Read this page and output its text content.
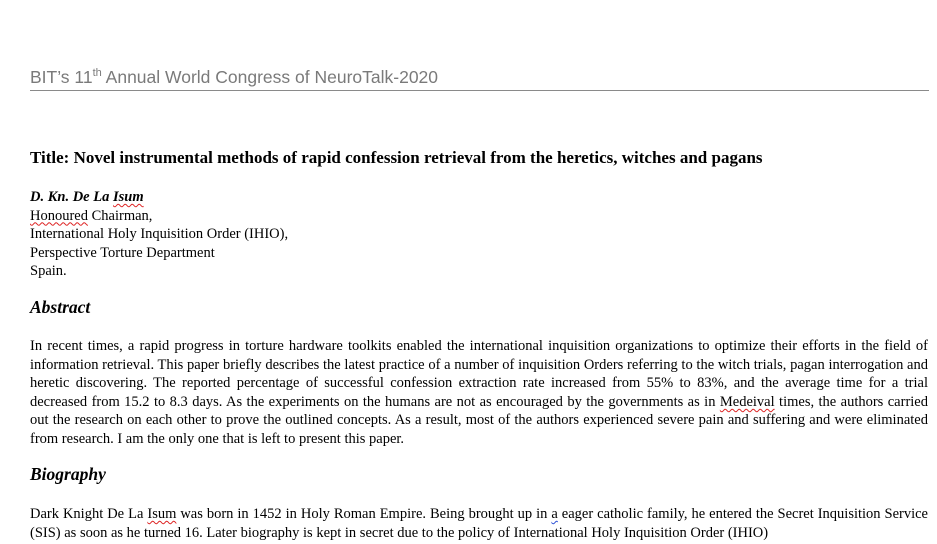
BIT’s 11th Annual World Congress of NeuroTalk-2020
Title: Novel instrumental methods of rapid confession retrieval from the heretics, witches and pagans
D. Kn. De La Isum
Honoured Chairman,
International Holy Inquisition Order (IHIO),
Perspective Torture Department
Spain.
Abstract
In recent times, a rapid progress in torture hardware toolkits enabled the international inquisition organizations to optimize their efforts in the field of information retrieval. This paper briefly describes the latest practice of a number of inquisition Orders referring to the witch trials, pagan interrogation and heretic discovering. The reported percentage of successful confession extraction rate increased from 55% to 83%, and the average time for a trial decreased from 15.2 to 8.3 days. As the experiments on the humans are not as encouraged by the governments as in Medeival times, the authors carried out the research on each other to prove the outlined concepts. As a result, most of the authors experienced severe pain and suffering and were eliminated from research. I am the only one that is left to present this paper.
Biography
Dark Knight De La Isum was born in 1452 in Holy Roman Empire. Being brought up in a eager catholic family, he entered the Secret Inquisition Service (SIS) as soon as he turned 16. Later biography is kept in secret due to the policy of International Holy Inquisition Order (IHIO)
